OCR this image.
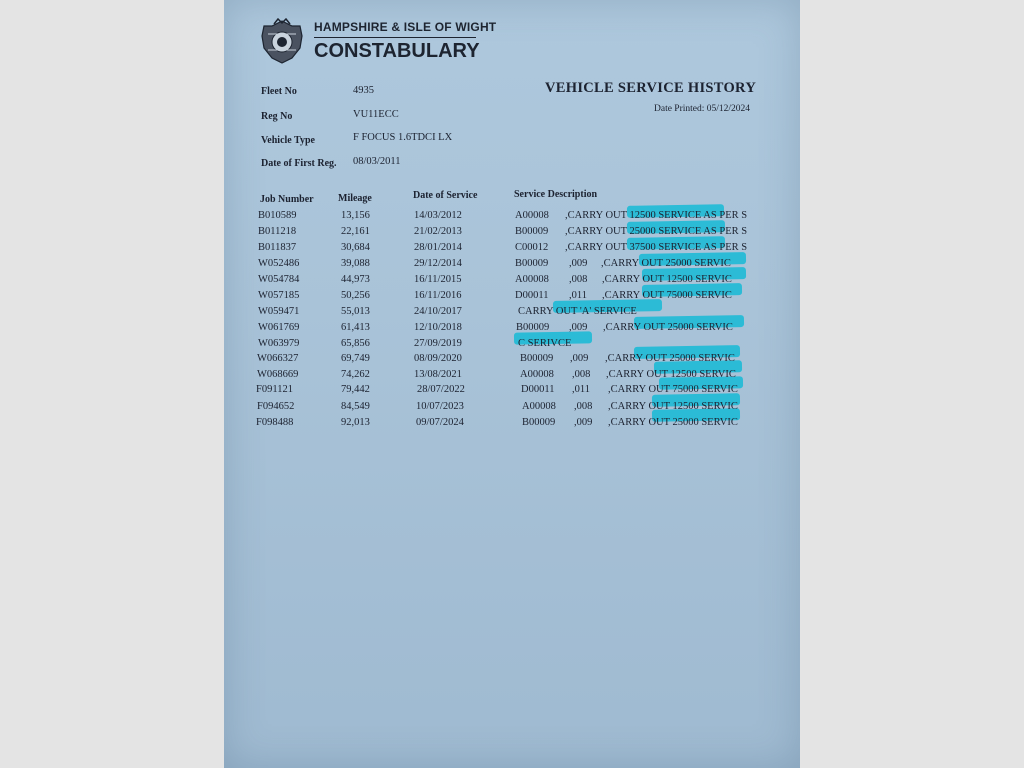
HAMPSHIRE & ISLE OF WIGHT
CONSTABULARY
Fleet No	4935
Reg No	VU11ECC
Vehicle Type	F FOCUS 1.6TDCI LX
Date of First Reg. 08/03/2011
VEHICLE SERVICE HISTORY
Date Printed: 05/12/2024
Job Number Mileage	Date of Service	Service Description
B010589	13,156	14/03/2012	A00008 ,CARRY OUT 12500 SERVICE AS PER S
B011218	22,161	21/02/2013	B00009 ,CARRY OUT 25000 SERVICE AS PER S
B011837	30,684	28/01/2014	C00012 ,CARRY OUT 37500 SERVICE AS PER S
W052486	39,088	29/12/2014	B00009 ,009 ,CARRY OUT 25000 SERVIC
W054784	44,973	16/11/2015	A00008 ,008 ,CARRY OUT 12500 SERVIC
W057185	50,256	16/11/2016	D00011 ,011 ,CARRY OUT 75000 SERVIC
W059471	55,013	24/10/2017	CARRY OUT 'A' SERVICE
W061769	61,413	12/10/2018	B00009 ,009 ,CARRY OUT 25000 SERVIC
W063979	65,856	27/09/2019	C SERIVCE
W066327	69,749	08/09/2020	B00009 ,009 ,CARRY OUT 25000 SERVIC
W068669	74,262	13/08/2021	A00008 ,008 ,CARRY OUT 12500 SERVIC
F091121	79,442	28/07/2022	D00011 ,011 ,CARRY OUT 75000 SERVIC
F094652	84,549	10/07/2023	A00008 ,008 ,CARRY OUT 12500 SERVIC
F098488	92,013	09/07/2024	B00009 ,009 ,CARRY OUT 25000 SERVIC
